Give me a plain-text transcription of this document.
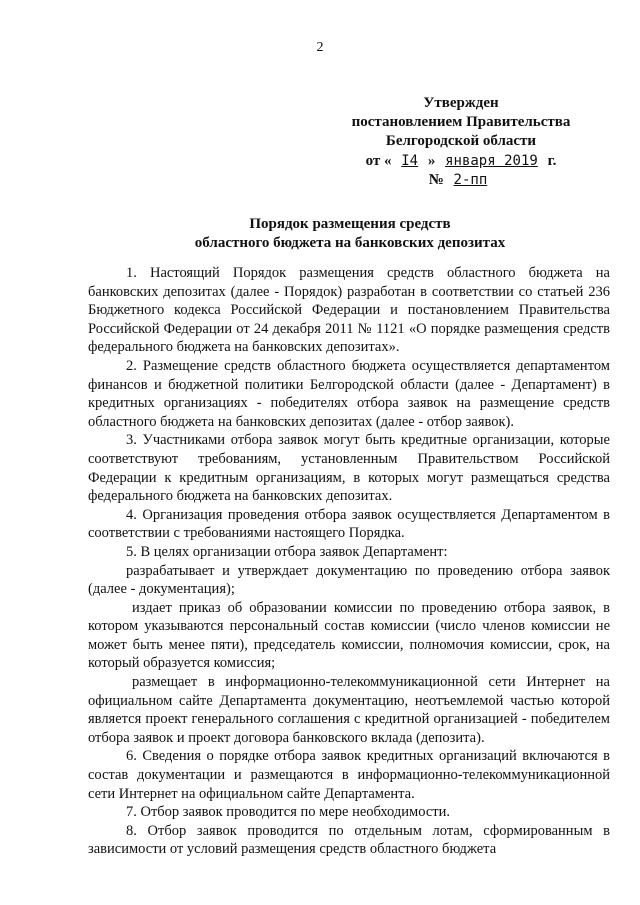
2
Утвержден
постановлением Правительства
Белгородской области
от « I4 » января 2019 г.
№ 2-пп
Порядок размещения средств
областного бюджета на банковских депозитах

1. Настоящий Порядок размещения средств областного бюджета на банковских депозитах (далее - Порядок) разработан в соответствии со статьей 236 Бюджетного кодекса Российской Федерации и постановлением Правительства Российской Федерации от 24 декабря 2011 № 1121 «О порядке размещения средств федерального бюджета на банковских депозитах».

2. Размещение средств областного бюджета осуществляется департаментом финансов и бюджетной политики Белгородской области (далее - Департамент) в кредитных организациях - победителях отбора заявок на размещение средств областного бюджета на банковских депозитах (далее - отбор заявок).

3. Участниками отбора заявок могут быть кредитные организации, которые соответствуют требованиям, установленным Правительством Российской Федерации к кредитным организациям, в которых могут размещаться средства федерального бюджета на банковских депозитах.

4. Организация проведения отбора заявок осуществляется Департаментом в соответствии с требованиями настоящего Порядка.

5. В целях организации отбора заявок Департамент:

разрабатывает и утверждает документацию по проведению отбора заявок (далее - документация);

издает приказ об образовании комиссии по проведению отбора заявок, в котором указываются персональный состав комиссии (число членов комиссии не может быть менее пяти), председатель комиссии, полномочия комиссии, срок, на который образуется комиссия;

размещает в информационно-телекоммуникационной сети Интернет на официальном сайте Департамента документацию, неотъемлемой частью которой является проект генерального соглашения с кредитной организацией - победителем отбора заявок и проект договора банковского вклада (депозита).

6. Сведения о порядке отбора заявок кредитных организаций включаются в состав документации и размещаются в информационно-телекоммуникационной сети Интернет на официальном сайте Департамента.

7. Отбор заявок проводится по мере необходимости.

8. Отбор заявок проводится по отдельным лотам, сформированным в зависимости от условий размещения средств областного бюджета
